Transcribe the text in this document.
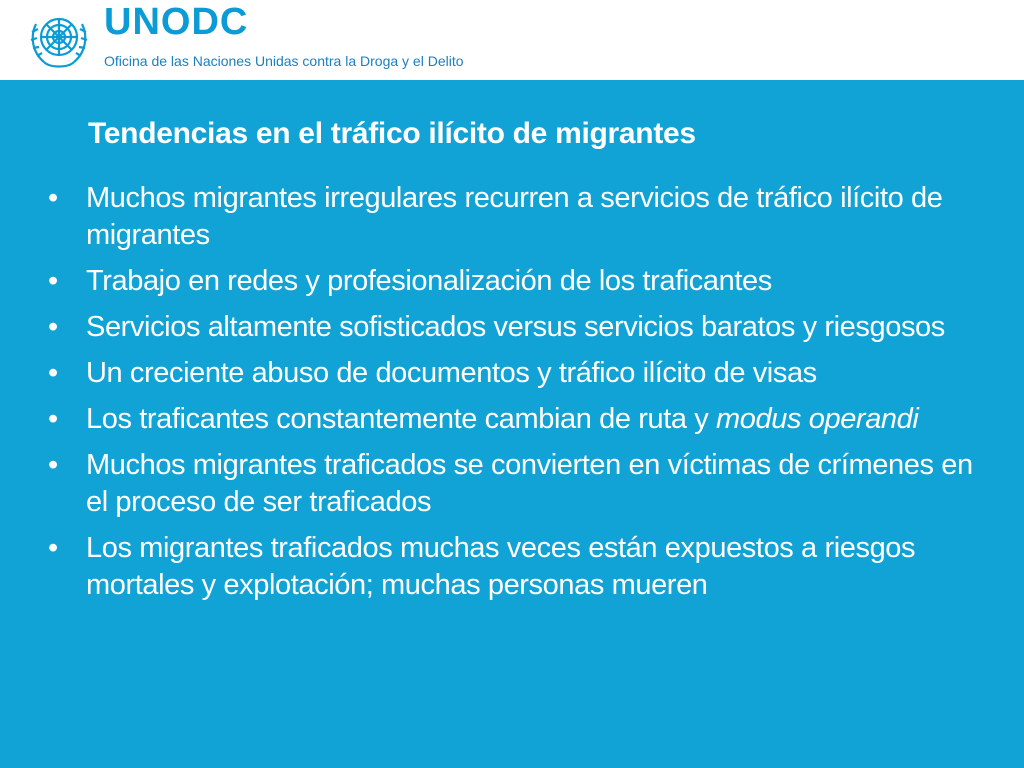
UNODC
Oficina de las Naciones Unidas contra la Droga y el Delito
Tendencias en el tráfico ilícito de migrantes
• Muchos migrantes irregulares recurren a servicios de tráfico ilícito de migrantes
• Trabajo en redes y profesionalización de los traficantes
• Servicios altamente sofisticados versus servicios baratos y riesgosos
• Un creciente abuso de documentos y tráfico ilícito de visas
• Los traficantes constantemente cambian de ruta y modus operandi
• Muchos migrantes traficados se convierten en víctimas de crímenes en el proceso de ser traficados
• Los migrantes traficados muchas veces están expuestos a riesgos mortales y explotación; muchas personas mueren
